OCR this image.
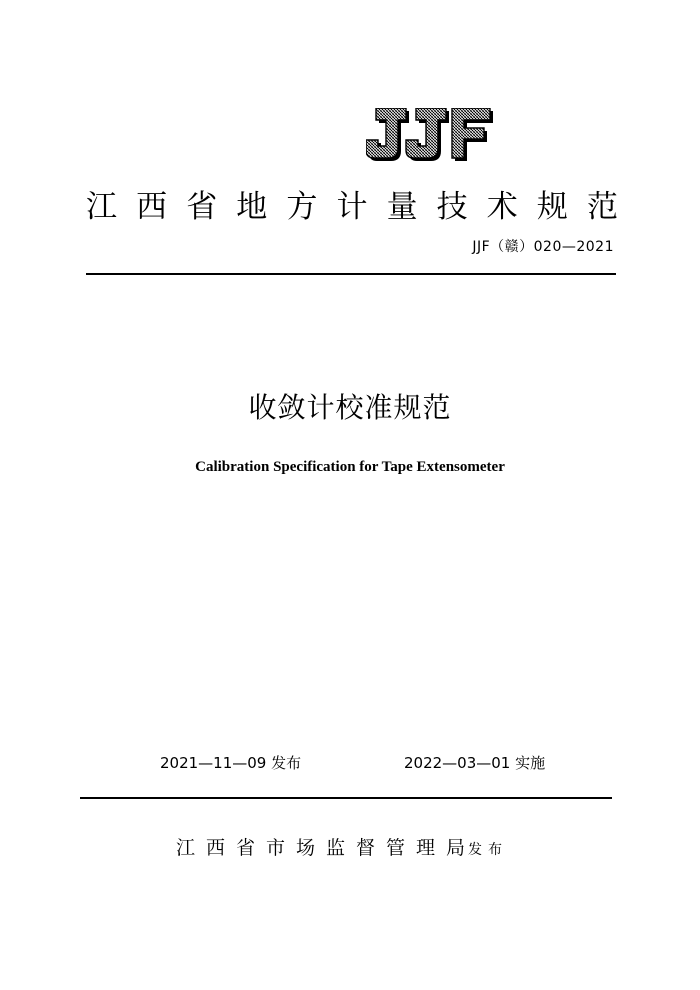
江 西 省 地 方 计 量 技 术 规 范
JJF（赣）020—2021
收敛计校准规范
Calibration Specification for Tape Extensometer
2021—11—09 发布	2022—03—01 实施
江西省市场监督管理局
发布
